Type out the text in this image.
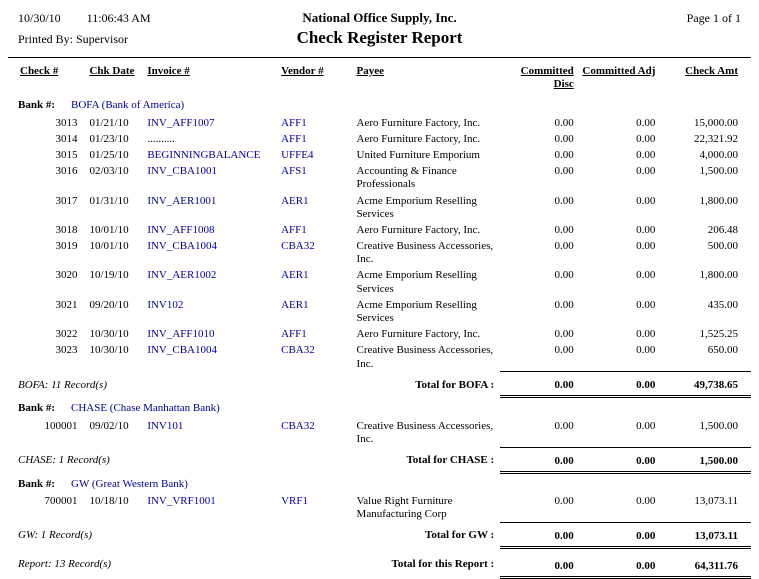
10/30/10 11:06:43 AM	National Office Supply, Inc.	Page 1 of 1
Printed By: Supervisor	Check Register Report
Check #	Chk Date	Invoice #	Vendor #	Payee	Committed Disc	Committed Adj	Check Amt
Bank #: BOFA (Bank of America)							
3013	01/21/10	INV_AFF1007	AFF1	Aero Furniture Factory, Inc.	0.00	0.00	15,000.00
3014	01/23/10	..........	AFF1	Aero Furniture Factory, Inc.	0.00	0.00	22,321.92
3015	01/25/10	BEGINNINGBALANCE	UFFE4	United Furniture Emporium	0.00	0.00	4,000.00
3016	02/03/10	INV_CBA1001	AFS1	Accounting & Finance Professionals	0.00	0.00	1,500.00
3017	01/31/10	INV_AER1001	AER1	Acme Emporium Reselling Services	0.00	0.00	1,800.00
3018	10/01/10	INV_AFF1008	AFF1	Aero Furniture Factory, Inc.	0.00	0.00	206.48
3019	10/01/10	INV_CBA1004	CBA32	Creative Business Accessories, Inc.	0.00	0.00	500.00
3020	10/19/10	INV_AER1002	AER1	Acme Emporium Reselling Services	0.00	0.00	1,800.00
3021	09/20/10	INV102	AER1	Acme Emporium Reselling Services	0.00	0.00	435.00
3022	10/30/10	INV_AFF1010	AFF1	Aero Furniture Factory, Inc.	0.00	0.00	1,525.25
3023	10/30/10	INV_CBA1004	CBA32	Creative Business Accessories, Inc.	0.00	0.00	650.00
BOFA: 11 Record(s)		Total for BOFA :			0.00	0.00	49,738.65
Bank #: CHASE (Chase Manhattan Bank)							
100001	09/02/10	INV101	CBA32	Creative Business Accessories, Inc.	0.00	0.00	1,500.00
CHASE: 1 Record(s)		Total for CHASE :			0.00	0.00	1,500.00
Bank #: GW (Great Western Bank)							
700001	10/18/10	INV_VRF1001	VRF1	Value Right Furniture Manufacturing Corp	0.00	0.00	13,073.11
GW: 1 Record(s)		Total for GW :			0.00	0.00	13,073.11
Report: 13 Record(s)		Total for this Report :			0.00	0.00	64,311.76
